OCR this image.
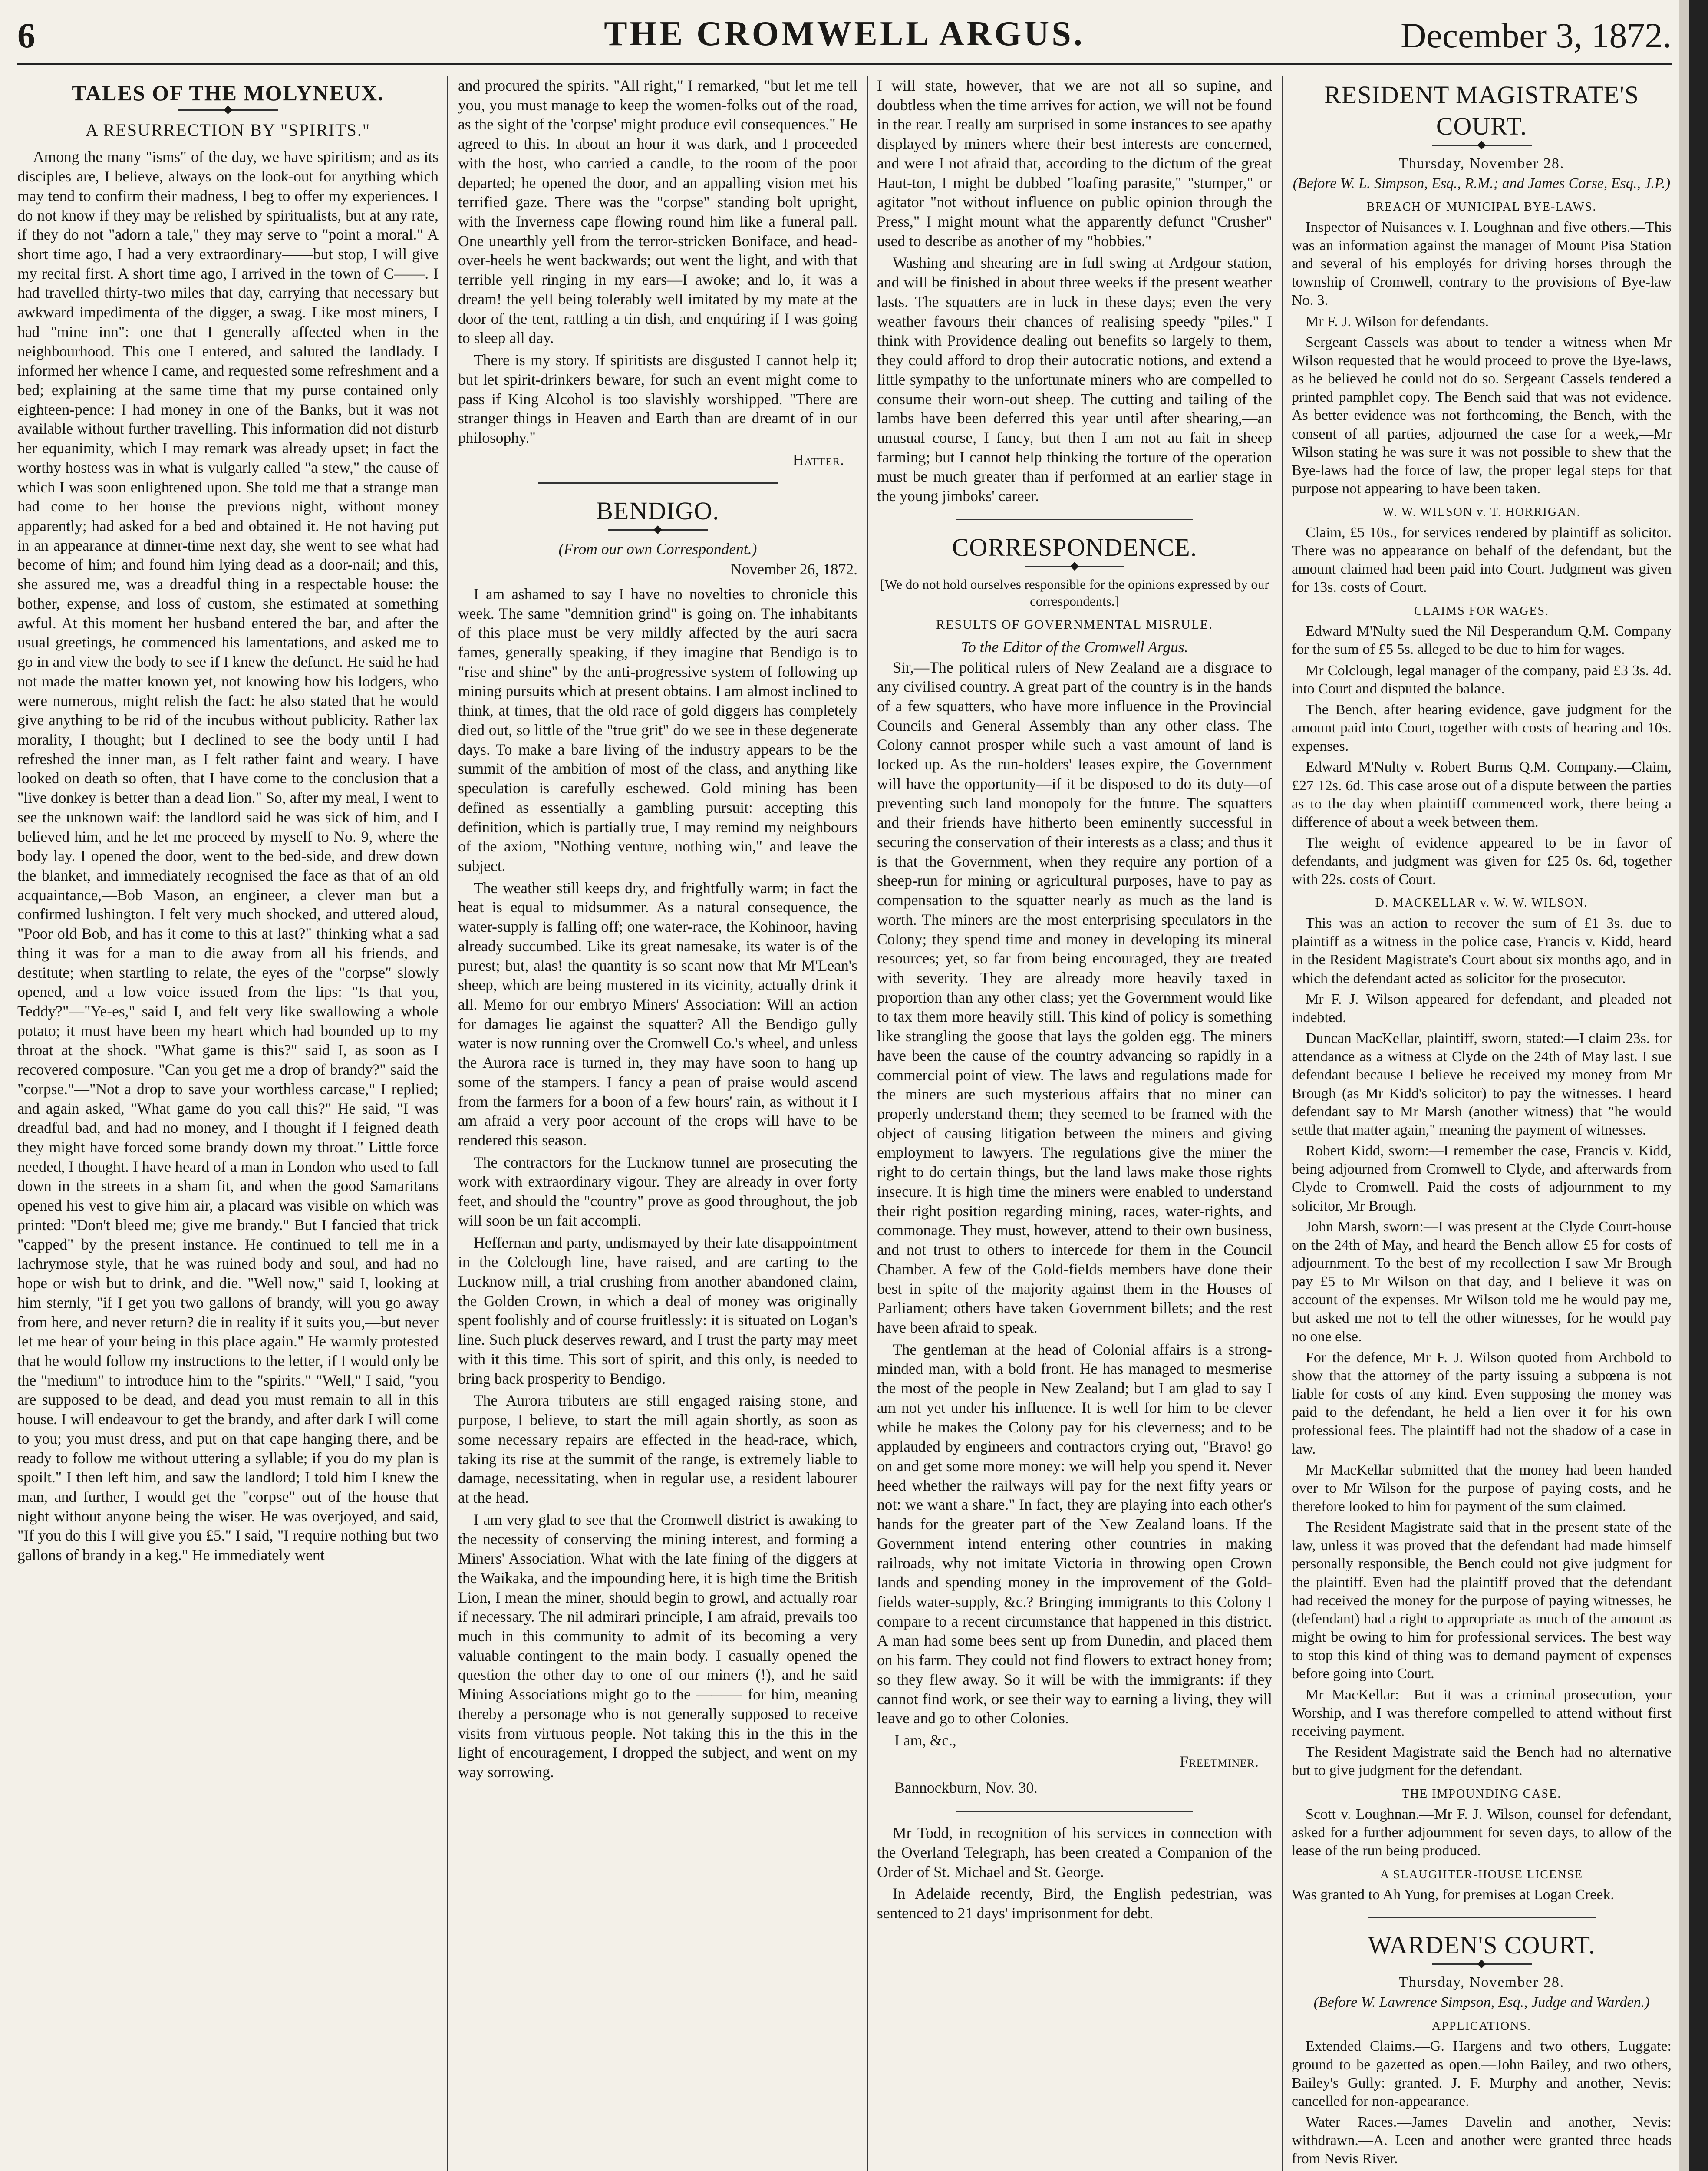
6	THE CROMWELL ARGUS.	December 3, 1872.
TALES OF THE MOLYNEUX.
◆
A RESURRECTION BY "SPIRITS."

Among the many "isms" of the day, we have spiritism; and as its disciples are, I believe, always on the look-out for anything which may tend to confirm their madness, I beg to offer my experiences. I do not know if they may be relished by spiritualists, but at any rate, if they do not "adorn a tale," they may serve to "point a moral." A short time ago, I had a very extraordinary——but stop, I will give my recital first. A short time ago, I arrived in the town of C——. I had travelled thirty-two miles that day, carrying that necessary but awkward impedimenta of the digger, a swag. Like most miners, I had "mine inn": one that I generally affected when in the neighbourhood. This one I entered, and saluted the landlady. I informed her whence I came, and requested some refreshment and a bed; explaining at the same time that my purse contained only eighteen-pence: I had money in one of the Banks, but it was not available without further travelling. This information did not disturb her equanimity, which I may remark was already upset; in fact the worthy hostess was in what is vulgarly called "a stew," the cause of which I was soon enlightened upon. She told me that a strange man had come to her house the previous night, without money apparently; had asked for a bed and obtained it. He not having put in an appearance at dinner-time next day, she went to see what had become of him; and found him lying dead as a door-nail; and this, she assured me, was a dreadful thing in a respectable house: the bother, expense, and loss of custom, she estimated at something awful. At this moment her husband entered the bar, and after the usual greetings, he commenced his lamentations, and asked me to go in and view the body to see if I knew the defunct. He said he had not made the matter known yet, not knowing how his lodgers, who were numerous, might relish the fact: he also stated that he would give anything to be rid of the incubus without publicity. Rather lax morality, I thought; but I declined to see the body until I had refreshed the inner man, as I felt rather faint and weary. I have looked on death so often, that I have come to the conclusion that a "live donkey is better than a dead lion." So, after my meal, I went to see the unknown waif: the landlord said he was sick of him, and I believed him, and he let me proceed by myself to No. 9, where the body lay. I opened the door, went to the bed-side, and drew down the blanket, and immediately recognised the face as that of an old acquaintance,—Bob Mason, an engineer, a clever man but a confirmed lushington. I felt very much shocked, and uttered aloud, "Poor old Bob, and has it come to this at last?" thinking what a sad thing it was for a man to die away from all his friends, and destitute; when startling to relate, the eyes of the "corpse" slowly opened, and a low voice issued from the lips: "Is that you, Teddy?"—"Ye-es," said I, and felt very like swallowing a whole potato; it must have been my heart which had bounded up to my throat at the shock. "What game is this?" said I, as soon as I recovered composure. "Can you get me a drop of brandy?" said the "corpse."—"Not a drop to save your worthless carcase," I replied; and again asked, "What game do you call this?" He said, "I was dreadful bad, and had no money, and I thought if I feigned death they might have forced some brandy down my throat." Little force needed, I thought. I have heard of a man in London who used to fall down in the streets in a sham fit, and when the good Samaritans opened his vest to give him air, a placard was visible on which was printed: "Don't bleed me; give me brandy." But I fancied that trick "capped" by the present instance. He continued to tell me in a lachrymose style, that he was ruined body and soul, and had no hope or wish but to drink, and die. "Well now," said I, looking at him sternly, "if I get you two gallons of brandy, will you go away from here, and never return? die in reality if it suits you,—but never let me hear of your being in this place again." He warmly protested that he would follow my instructions to the letter, if I would only be the "medium" to introduce him to the "spirits." "Well," I said, "you are supposed to be dead, and dead you must remain to all in this house. I will endeavour to get the brandy, and after dark I will come to you; you must dress, and put on that cape hanging there, and be ready to follow me without uttering a syllable; if you do my plan is spoilt." I then left him, and saw the landlord; I told him I knew the man, and further, I would get the "corpse" out of the house that night without anyone being the wiser. He was overjoyed, and said, "If you do this I will give you £5." I said, "I require nothing but two gallons of brandy in a keg." He immediately went

and procured the spirits. "All right," I remarked, "but let me tell you, you must manage to keep the women-folks out of the road, as the sight of the 'corpse' might produce evil consequences." He agreed to this. In about an hour it was dark, and I proceeded with the host, who carried a candle, to the room of the poor departed; he opened the door, and an appalling vision met his terrified gaze. There was the "corpse" standing bolt upright, with the Inverness cape flowing round him like a funeral pall. One unearthly yell from the terror-stricken Boniface, and head-over-heels he went backwards; out went the light, and with that terrible yell ringing in my ears—I awoke; and lo, it was a dream! the yell being tolerably well imitated by my mate at the door of the tent, rattling a tin dish, and enquiring if I was going to sleep all day.

There is my story. If spiritists are disgusted I cannot help it; but let spirit-drinkers beware, for such an event might come to pass if King Alcohol is too slavishly worshipped. "There are stranger things in Heaven and Earth than are dreamt of in our philosophy."

Hatter.
BENDIGO.
◆
(From our own Correspondent.)
November 26, 1872.

I am ashamed to say I have no novelties to chronicle this week. The same "demnition grind" is going on. The inhabitants of this place must be very mildly affected by the auri sacra fames, generally speaking, if they imagine that Bendigo is to "rise and shine" by the anti-progressive system of following up mining pursuits which at present obtains. I am almost inclined to think, at times, that the old race of gold diggers has completely died out, so little of the "true grit" do we see in these degenerate days. To make a bare living of the industry appears to be the summit of the ambition of most of the class, and anything like speculation is carefully eschewed. Gold mining has been defined as essentially a gambling pursuit: accepting this definition, which is partially true, I may remind my neighbours of the axiom, "Nothing venture, nothing win," and leave the subject.

The weather still keeps dry, and frightfully warm; in fact the heat is equal to midsummer. As a natural consequence, the water-supply is falling off; one water-race, the Kohinoor, having already succumbed. Like its great namesake, its water is of the purest; but, alas! the quantity is so scant now that Mr M'Lean's sheep, which are being mustered in its vicinity, actually drink it all. Memo for our embryo Miners' Association: Will an action for damages lie against the squatter? All the Bendigo gully water is now running over the Cromwell Co.'s wheel, and unless the Aurora race is turned in, they may have soon to hang up some of the stampers. I fancy a pean of praise would ascend from the farmers for a boon of a few hours' rain, as without it I am afraid a very poor account of the crops will have to be rendered this season.

The contractors for the Lucknow tunnel are prosecuting the work with extraordinary vigour. They are already in over forty feet, and should the "country" prove as good throughout, the job will soon be un fait accompli.

Heffernan and party, undismayed by their late disappointment in the Colclough line, have raised, and are carting to the Lucknow mill, a trial crushing from another abandoned claim, the Golden Crown, in which a deal of money was originally spent foolishly and of course fruitlessly: it is situated on Logan's line. Such pluck deserves reward, and I trust the party may meet with it this time. This sort of spirit, and this only, is needed to bring back prosperity to Bendigo.

The Aurora tributers are still engaged raising stone, and purpose, I believe, to start the mill again shortly, as soon as some necessary repairs are effected in the head-race, which, taking its rise at the summit of the range, is extremely liable to damage, necessitating, when in regular use, a resident labourer at the head.

I am very glad to see that the Cromwell district is awaking to the necessity of conserving the mining interest, and forming a Miners' Association. What with the late fining of the diggers at the Waikaka, and the impounding here, it is high time the British Lion, I mean the miner, should begin to growl, and actually roar if necessary. The nil admirari principle, I am afraid, prevails too much in this community to admit of its becoming a very valuable contingent to the main body. I casually opened the question the other day to one of our miners (!), and he said Mining Associations might go to the ——— for him, meaning thereby a personage who is not generally supposed to receive visits from virtuous people. Not taking this in the this in the light of encouragement, I dropped the subject, and went on my way sorrowing.

I will state, however, that we are not all so supine, and doubtless when the time arrives for action, we will not be found in the rear. I really am surprised in some instances to see apathy displayed by miners where their best interests are concerned, and were I not afraid that, according to the dictum of the great Haut-ton, I might be dubbed "loafing parasite," "stumper," or agitator "not without influence on public opinion through the Press," I might mount what the apparently defunct "Crusher" used to describe as another of my "hobbies."

Washing and shearing are in full swing at Ardgour station, and will be finished in about three weeks if the present weather lasts. The squatters are in luck in these days; even the very weather favours their chances of realising speedy "piles." I think with Providence dealing out benefits so largely to them, they could afford to drop their autocratic notions, and extend a little sympathy to the unfortunate miners who are compelled to consume their worn-out sheep. The cutting and tailing of the lambs have been deferred this year until after shearing,—an unusual course, I fancy, but then I am not au fait in sheep farming; but I cannot help thinking the torture of the operation must be much greater than if performed at an earlier stage in the young jimboks' career.

CORRESPONDENCE.
◆
[We do not hold ourselves responsible for the opinions expressed by our correspondents.]
RESULTS OF GOVERNMENTAL MISRULE.
To the Editor of the Cromwell Argus.

Sir,—The political rulers of New Zealand are a disgrace to any civilised country. A great part of the country is in the hands of a few squatters, who have more influence in the Provincial Councils and General Assembly than any other class. The Colony cannot prosper while such a vast amount of land is locked up. As the run-holders' leases expire, the Government will have the opportunity—if it be disposed to do its duty—of preventing such land monopoly for the future. The squatters and their friends have hitherto been eminently successful in securing the conservation of their interests as a class; and thus it is that the Government, when they require any portion of a sheep-run for mining or agricultural purposes, have to pay as compensation to the squatter nearly as much as the land is worth. The miners are the most enterprising speculators in the Colony; they spend time and money in developing its mineral resources; yet, so far from being encouraged, they are treated with severity. They are already more heavily taxed in proportion than any other class; yet the Government would like to tax them more heavily still. This kind of policy is something like strangling the goose that lays the golden egg. The miners have been the cause of the country advancing so rapidly in a commercial point of view. The laws and regulations made for the miners are such mysterious affairs that no miner can properly understand them; they seemed to be framed with the object of causing litigation between the miners and giving employment to lawyers. The regulations give the miner the right to do certain things, but the land laws make those rights insecure. It is high time the miners were enabled to understand their right position regarding mining, races, water-rights, and commonage. They must, however, attend to their own business, and not trust to others to intercede for them in the Council Chamber. A few of the Gold-fields members have done their best in spite of the majority against them in the Houses of Parliament; others have taken Government billets; and the rest have been afraid to speak.

The gentleman at the head of Colonial affairs is a strong-minded man, with a bold front. He has managed to mesmerise the most of the people in New Zealand; but I am glad to say I am not yet under his influence. It is well for him to be clever while he makes the Colony pay for his cleverness; and to be applauded by engineers and contractors crying out, "Bravo! go on and get some more money: we will help you spend it. Never heed whether the railways will pay for the next fifty years or not: we want a share." In fact, they are playing into each other's hands for the greater part of the New Zealand loans. If the Government intend entering other countries in making railroads, why not imitate Victoria in throwing open Crown lands and spending money in the improvement of the Gold-fields water-supply, &c.? Bringing immigrants to this Colony I compare to a recent circumstance that happened in this district. A man had some bees sent up from Dunedin, and placed them on his farm. They could not find flowers to extract honey from; so they flew away. So it will be with the immigrants: if they cannot find work, or see their way to earning a living, they will leave and go to other Colonies.

I am, &c.,
Freetminer.
Bannockburn, Nov. 30.

Mr Todd, in recognition of his services in connection with the Overland Telegraph, has been created a Companion of the Order of St. Michael and St. George.

In Adelaide recently, Bird, the English pedestrian, was sentenced to 21 days' imprisonment for debt.

RESIDENT MAGISTRATE'S COURT.
◆
Thursday, November 28.
(Before W. L. Simpson, Esq., R.M.; and James Corse, Esq., J.P.)
BREACH OF MUNICIPAL BYE-LAWS.

Inspector of Nuisances v. I. Loughnan and five others.—This was an information against the manager of Mount Pisa Station and several of his employés for driving horses through the township of Cromwell, contrary to the provisions of Bye-law No. 3.

Mr F. J. Wilson for defendants.

Sergeant Cassels was about to tender a witness when Mr Wilson requested that he would proceed to prove the Bye-laws, as he believed he could not do so. Sergeant Cassels tendered a printed pamphlet copy. The Bench said that was not evidence. As better evidence was not forthcoming, the Bench, with the consent of all parties, adjourned the case for a week,—Mr Wilson stating he was sure it was not possible to shew that the Bye-laws had the force of law, the proper legal steps for that purpose not appearing to have been taken.

W. W. WILSON v. T. HORRIGAN.

Claim, £5 10s., for services rendered by plaintiff as solicitor. There was no appearance on behalf of the defendant, but the amount claimed had been paid into Court. Judgment was given for 13s. costs of Court.

CLAIMS FOR WAGES.

Edward M'Nulty sued the Nil Desperandum Q.M. Company for the sum of £5 5s. alleged to be due to him for wages.

Mr Colclough, legal manager of the company, paid £3 3s. 4d. into Court and disputed the balance.

The Bench, after hearing evidence, gave judgment for the amount paid into Court, together with costs of hearing and 10s. expenses.

Edward M'Nulty v. Robert Burns Q.M. Company.—Claim, £27 12s. 6d. This case arose out of a dispute between the parties as to the day when plaintiff commenced work, there being a difference of about a week between them.

The weight of evidence appeared to be in favor of defendants, and judgment was given for £25 0s. 6d, together with 22s. costs of Court.

D. MACKELLAR v. W. W. WILSON.

This was an action to recover the sum of £1 3s. due to plaintiff as a witness in the police case, Francis v. Kidd, heard in the Resident Magistrate's Court about six months ago, and in which the defendant acted as solicitor for the prosecutor.

Mr F. J. Wilson appeared for defendant, and pleaded not indebted.

Duncan MacKellar, plaintiff, sworn, stated:—I claim 23s. for attendance as a witness at Clyde on the 24th of May last. I sue defendant because I believe he received my money from Mr Brough (as Mr Kidd's solicitor) to pay the witnesses. I heard defendant say to Mr Marsh (another witness) that "he would settle that matter again," meaning the payment of witnesses.

Robert Kidd, sworn:—I remember the case, Francis v. Kidd, being adjourned from Cromwell to Clyde, and afterwards from Clyde to Cromwell. Paid the costs of adjournment to my solicitor, Mr Brough.

John Marsh, sworn:—I was present at the Clyde Court-house on the 24th of May, and heard the Bench allow £5 for costs of adjournment. To the best of my recollection I saw Mr Brough pay £5 to Mr Wilson on that day, and I believe it was on account of the expenses. Mr Wilson told me he would pay me, but asked me not to tell the other witnesses, for he would pay no one else.

For the defence, Mr F. J. Wilson quoted from Archbold to show that the attorney of the party issuing a subpœna is not liable for costs of any kind. Even supposing the money was paid to the defendant, he held a lien over it for his own professional fees. The plaintiff had not the shadow of a case in law.

Mr MacKellar submitted that the money had been handed over to Mr Wilson for the purpose of paying costs, and he therefore looked to him for payment of the sum claimed.

The Resident Magistrate said that in the present state of the law, unless it was proved that the defendant had made himself personally responsible, the Bench could not give judgment for the plaintiff. Even had the plaintiff proved that the defendant had received the money for the purpose of paying witnesses, he (defendant) had a right to appropriate as much of the amount as might be owing to him for professional services. The best way to stop this kind of thing was to demand payment of expenses before going into Court.

Mr MacKellar:—But it was a criminal prosecution, your Worship, and I was therefore compelled to attend without first receiving payment.

The Resident Magistrate said the Bench had no alternative but to give judgment for the defendant.

THE IMPOUNDING CASE.

Scott v. Loughnan.—Mr F. J. Wilson, counsel for defendant, asked for a further adjournment for seven days, to allow of the lease of the run being produced.

A SLAUGHTER-HOUSE LICENSE

Was granted to Ah Yung, for premises at Logan Creek.

WARDEN'S COURT.
◆
Thursday, November 28.
(Before W. Lawrence Simpson, Esq., Judge and Warden.)
APPLICATIONS.

Extended Claims.—G. Hargens and two others, Luggate: ground to be gazetted as open.—John Bailey, and two others, Bailey's Gully: granted. J. F. Murphy and another, Nevis: cancelled for non-appearance.

Water Races.—James Davelin and another, Nevis: withdrawn.—A. Leen and another were granted three heads from Nevis River.
